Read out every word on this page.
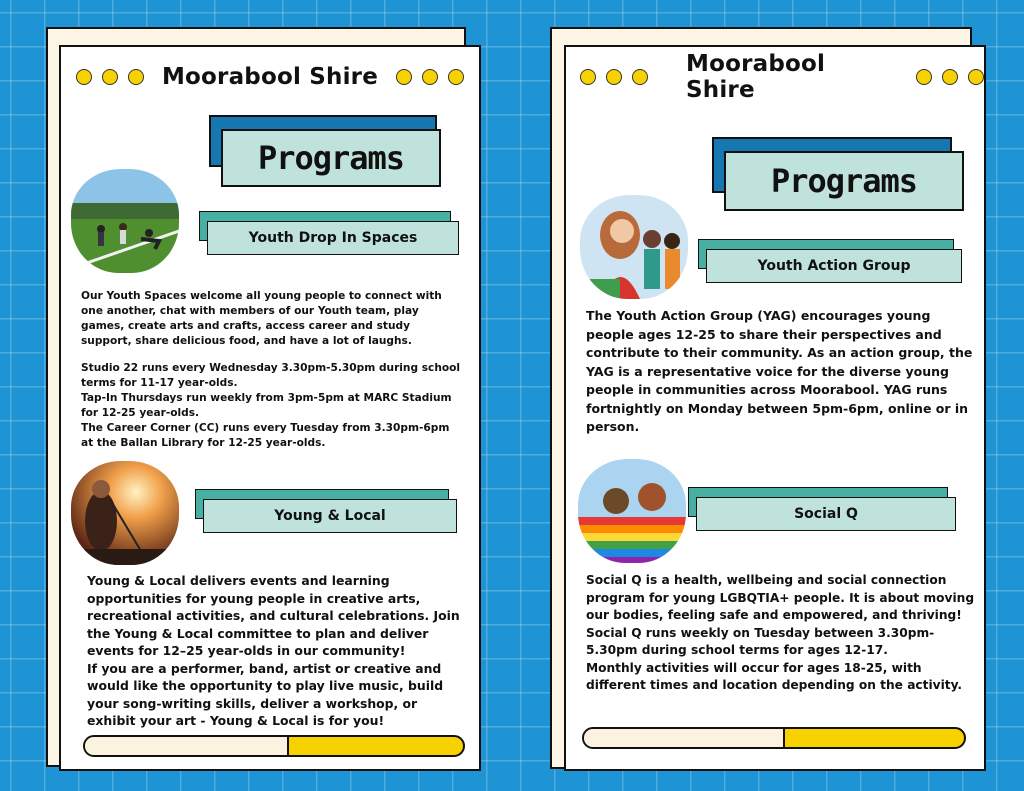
Moorabool Shire
Programs
Youth Drop In Spaces

Our Youth Spaces welcome all young people to connect with one another, chat with members of our Youth team, play games, create arts and crafts, access career and study support, share delicious food, and have a lot of laughs.

Studio 22 runs every Wednesday 3.30pm-5.30pm during school terms for 11-17 year-olds.

Tap-In Thursdays run weekly from 3pm-5pm at MARC Stadium for 12-25 year-olds.

The Career Corner (CC) runs every Tuesday from 3.30pm-6pm at the Ballan Library for 12-25 year-olds.

Young & Local

Young & Local delivers events and learning opportunities for young people in creative arts, recreational activities, and cultural celebrations. Join the Young & Local committee to plan and deliver events for 12–25 year-olds in our community!

If you are a performer, band, artist or creative and would like the opportunity to play live music, build your song-writing skills, deliver a workshop, or exhibit your art - Young & Local is for you!

Moorabool Shire
Programs
Youth Action Group

The Youth Action Group (YAG) encourages young people ages 12-25 to share their perspectives and contribute to their community. As an action group, the YAG is a representative voice for the diverse young people in communities across Moorabool. YAG runs fortnightly on Monday between 5pm-6pm, online or in person.

Social Q

Social Q is a health, wellbeing and social connection program for young LGBQTIA+ people. It is about moving our bodies, feeling safe and empowered, and thriving! Social Q runs weekly on Tuesday between 3.30pm-5.30pm during school terms for ages 12-17.

Monthly activities will occur for ages 18-25, with different times and location depending on the activity.
